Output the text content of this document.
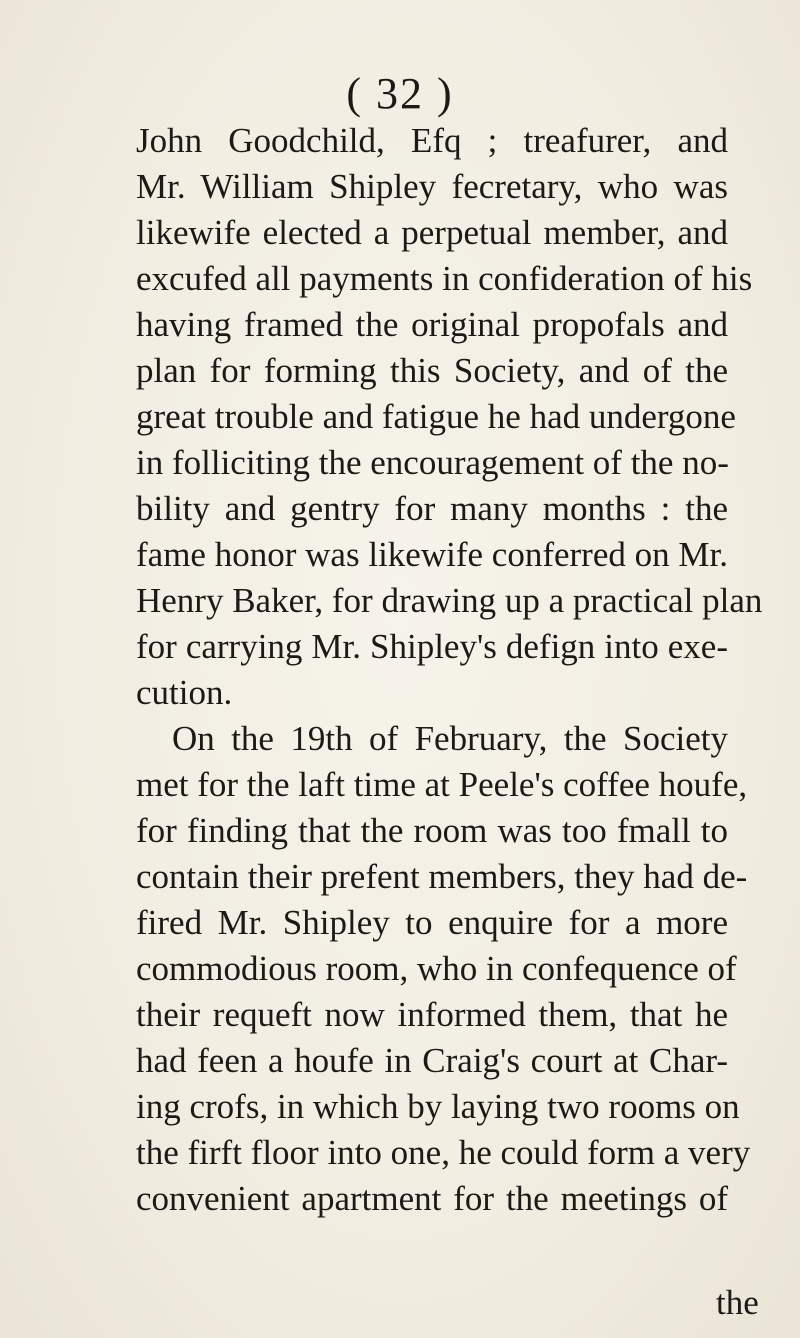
( 32 )
John Goodchild, Efq ; treafurer, and
Mr. William Shipley fecretary, who was
likewife elected a perpetual member, and
excufed all payments in confideration of his
having framed the original propofals and
plan for forming this Society, and of the
great trouble and fatigue he had undergone
in folliciting the encouragement of the no-
bility and gentry for many months : the
fame honor was likewife conferred on Mr.
Henry Baker, for drawing up a practical plan
for carrying Mr. Shipley's defign into exe-
cution.
On the 19th of February, the Society
met for the laft time at Peele's coffee houfe,
for finding that the room was too fmall to
contain their prefent members, they had de-
fired Mr. Shipley to enquire for a more
commodious room, who in confequence of
their requeft now informed them, that he
had feen a houfe in Craig's court at Char-
ing crofs, in which by laying two rooms on
the firft floor into one, he could form a very
convenient apartment for the meetings of
the
